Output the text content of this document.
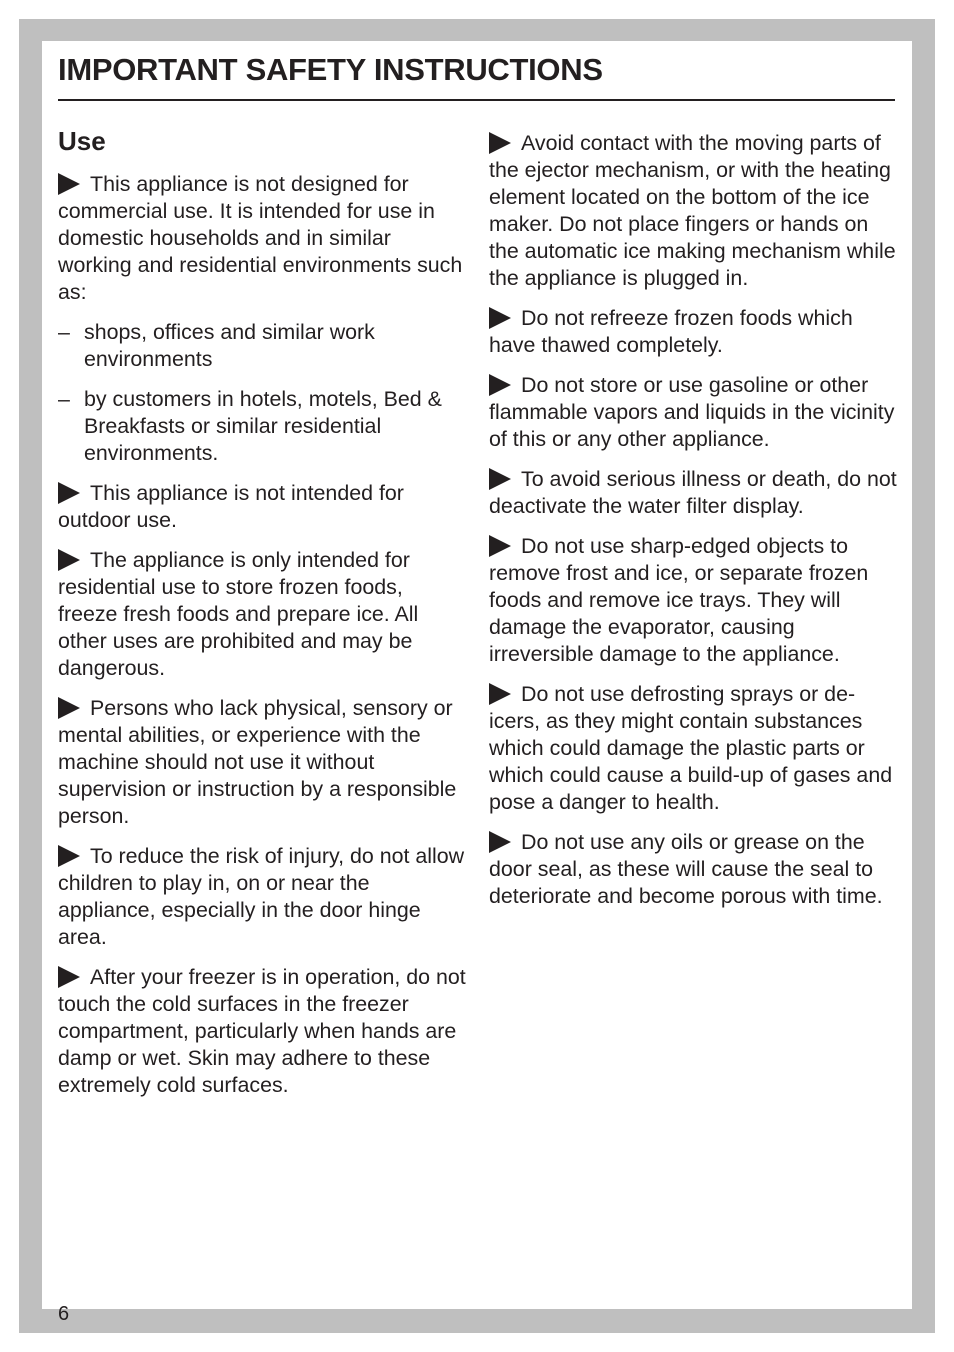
IMPORTANT SAFETY INSTRUCTIONS
Use

This appliance is not designed for commercial use. It is intended for use in domestic households and in similar working and residential environments such as:

– shops, offices and similar work environments
– by customers in hotels, motels, Bed & Breakfasts or similar residential environments.

This appliance is not intended for outdoor use.

The appliance is only intended for residential use to store frozen foods, freeze fresh foods and prepare ice. All other uses are prohibited and may be dangerous.

Persons who lack physical, sensory or mental abilities, or experience with the machine should not use it without supervision or instruction by a responsible person.

To reduce the risk of injury, do not allow children to play in, on or near the appliance, especially in the door hinge area.

After your freezer is in operation, do not touch the cold surfaces in the freezer compartment, particularly when hands are damp or wet. Skin may adhere to these extremely cold surfaces.

Avoid contact with the moving parts of the ejector mechanism, or with the heating element located on the bottom of the ice maker. Do not place fingers or hands on the automatic ice making mechanism while the appliance is plugged in.

Do not refreeze frozen foods which have thawed completely.

Do not store or use gasoline or other flammable vapors and liquids in the vicinity of this or any other appliance.

To avoid serious illness or death, do not deactivate the water filter display.

Do not use sharp-edged objects to remove frost and ice, or separate frozen foods and remove ice trays. They will damage the evaporator, causing irreversible damage to the appliance.

Do not use defrosting sprays or de-icers, as they might contain substances which could damage the plastic parts or which could cause a build-up of gases and pose a danger to health.

Do not use any oils or grease on the door seal, as these will cause the seal to deteriorate and become porous with time.

6
